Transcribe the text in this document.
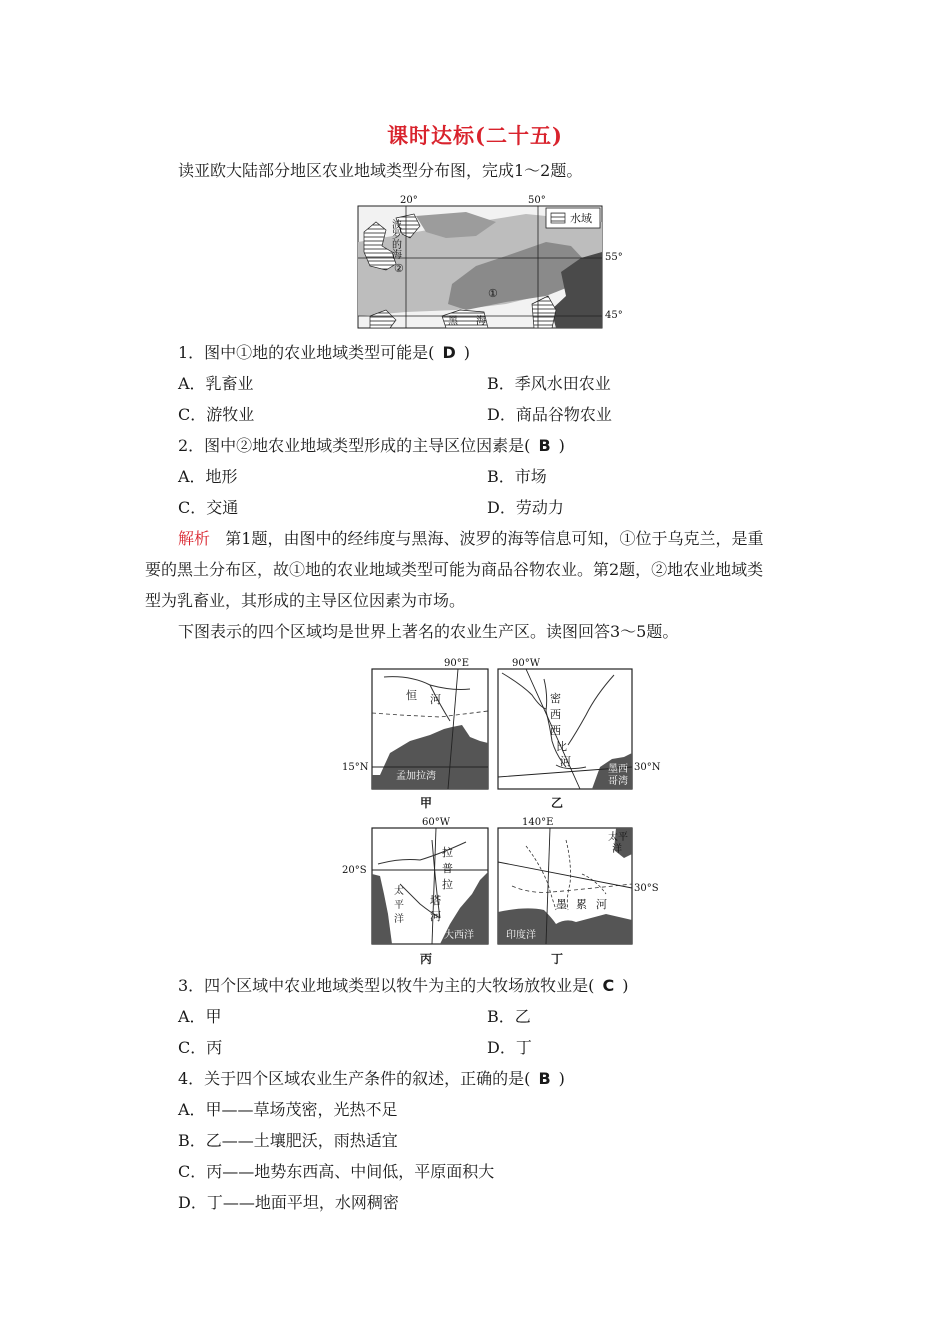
课时达标(二十五)
读亚欧大陆部分地区农业地域类型分布图，完成1～2题。
水域
20°	50°
55°
45°
①
②
波
罗
的
海
黑 海
1．图中①地的农业地域类型可能是( D )
A．乳畜业	B．季风水田农业
C．游牧业	D．商品谷物农业
2．图中②地农业地域类型形成的主导区位因素是( B )
A．地形	B．市场
C．交通	D．劳动力
解析 第1题，由图中的经纬度与黑海、波罗的海等信息可知，①位于乌克兰，是重
要的黑土分布区，故①地的农业地域类型可能为商品谷物农业。第2题，②地农业地域类
型为乳畜业，其形成的主导区位因素为市场。
下图表示的四个区域均是世界上著名的农业生产区。读图回答3～5题。
90°E
15°N
恒 河
孟加拉湾
甲
90°W
30°N
密
西
西
比
河
墨西
哥湾
乙
60°W
20°S
拉
普
拉
塔
河
太
平
洋
大西洋
丙
140°E
30°S
墨 累 河
太平
洋
印度洋
丁
3．四个区域中农业地域类型以牧牛为主的大牧场放牧业是( C )
A．甲	B．乙
C．丙	D．丁
4．关于四个区域农业生产条件的叙述，正确的是( B )
A．甲——草场茂密，光热不足
B．乙——土壤肥沃，雨热适宜
C．丙——地势东西高、中间低，平原面积大
D．丁——地面平坦，水网稠密
